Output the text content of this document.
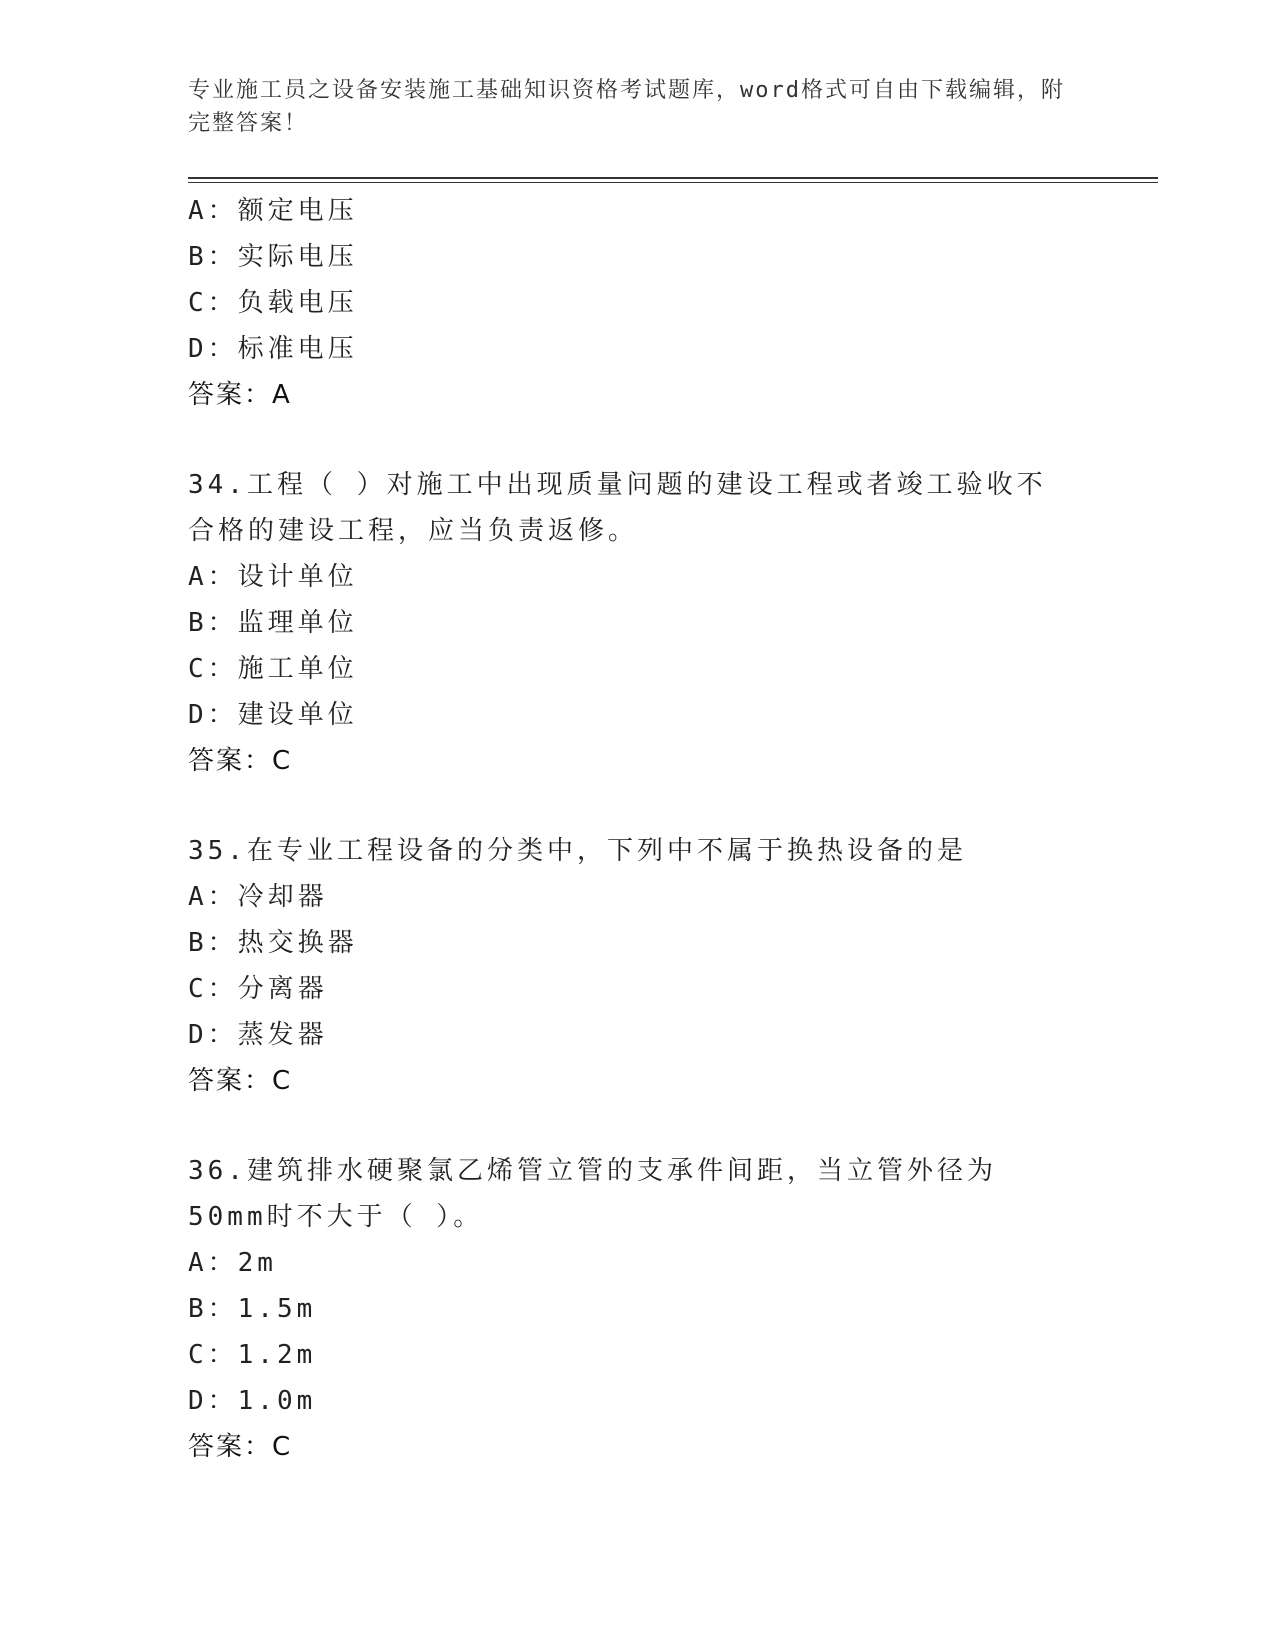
专业施工员之设备安装施工基础知识资格考试题库，word格式可自由下载编辑，附完整答案！
A：额定电压
B：实际电压
C：负载电压
D：标准电压
答案：A
34.工程（ ）对施工中出现质量问题的建设工程或者竣工验收不合格的建设工程，应当负责返修。
A：设计单位
B：监理单位
C：施工单位
D：建设单位
答案：C
35.在专业工程设备的分类中，下列中不属于换热设备的是
A：冷却器
B：热交换器
C：分离器
D：蒸发器
答案：C
36.建筑排水硬聚氯乙烯管立管的支承件间距，当立管外径为50mm时不大于（ ）。
A：2m
B：1.5m
C：1.2m
D：1.0m
答案：C
